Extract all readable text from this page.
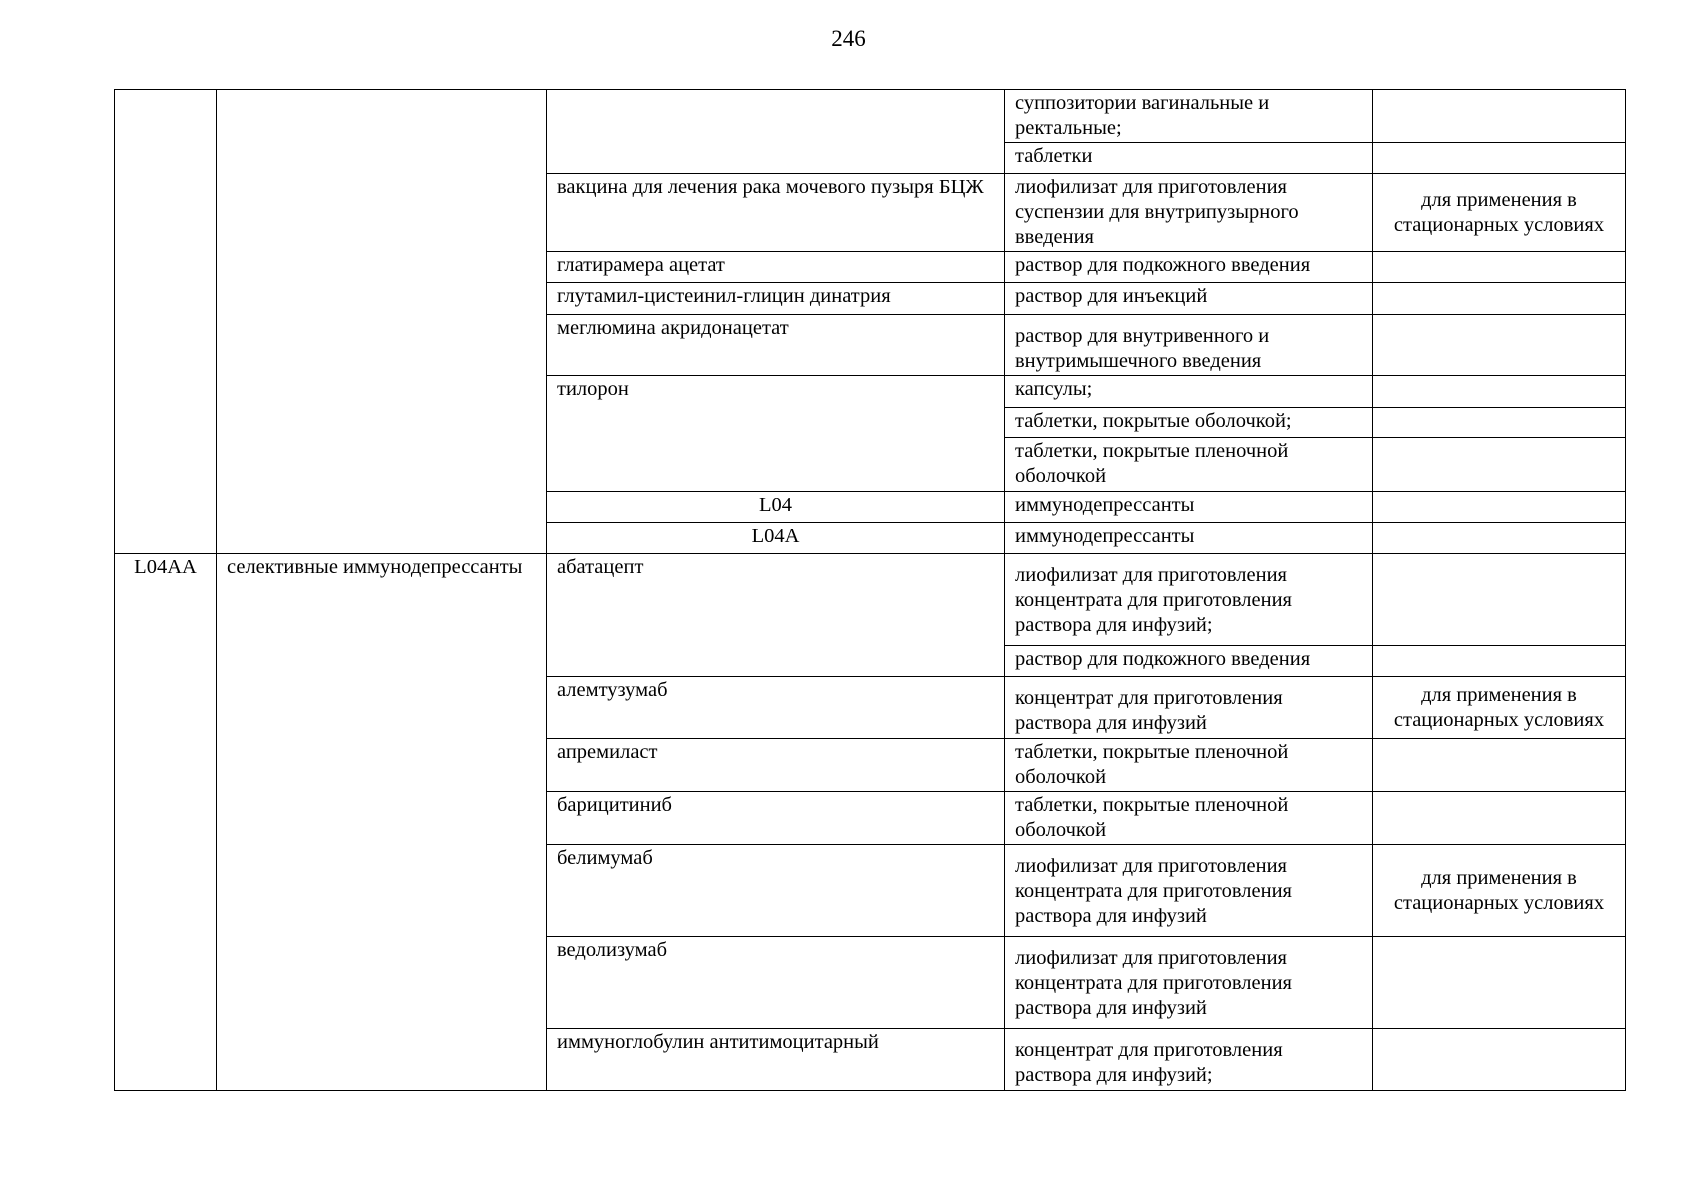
246
			суппозитории вагинальные и ректальные;		
			таблетки		
		вакцина для лечения рака мочевого пузыря БЦЖ	лиофилизат для приготовления суспензии для внутрипузырного введения	для применения в стационарных условиях	
		глатирамера ацетат	раствор для подкожного введения		
		глутамил-цистеинил-глицин динатрия	раствор для инъекций		
		меглюмина акридонацетат	раствор для внутривенного и внутримышечного введения		
		тилорон	капсулы;		
			таблетки, покрытые оболочкой;		
			таблетки, покрытые пленочной оболочкой		
		L04	иммунодепрессанты			
		L04A	иммунодепрессанты			
L04AA	селективные иммунодепрессанты	абатацепт	лиофилизат для приготовления концентрата для приготовления раствора для инфузий;		
			раствор для подкожного введения		
		алемтузумаб	концентрат для приготовления раствора для инфузий	для применения в стационарных условиях	
		апремиласт	таблетки, покрытые пленочной оболочкой		
		барицитиниб	таблетки, покрытые пленочной оболочкой		
		белимумаб	лиофилизат для приготовления концентрата для приготовления раствора для инфузий	для применения в стационарных условиях	
		ведолизумаб	лиофилизат для приготовления концентрата для приготовления раствора для инфузий		
		иммуноглобулин антитимоцитарный	концентрат для приготовления раствора для инфузий;		
